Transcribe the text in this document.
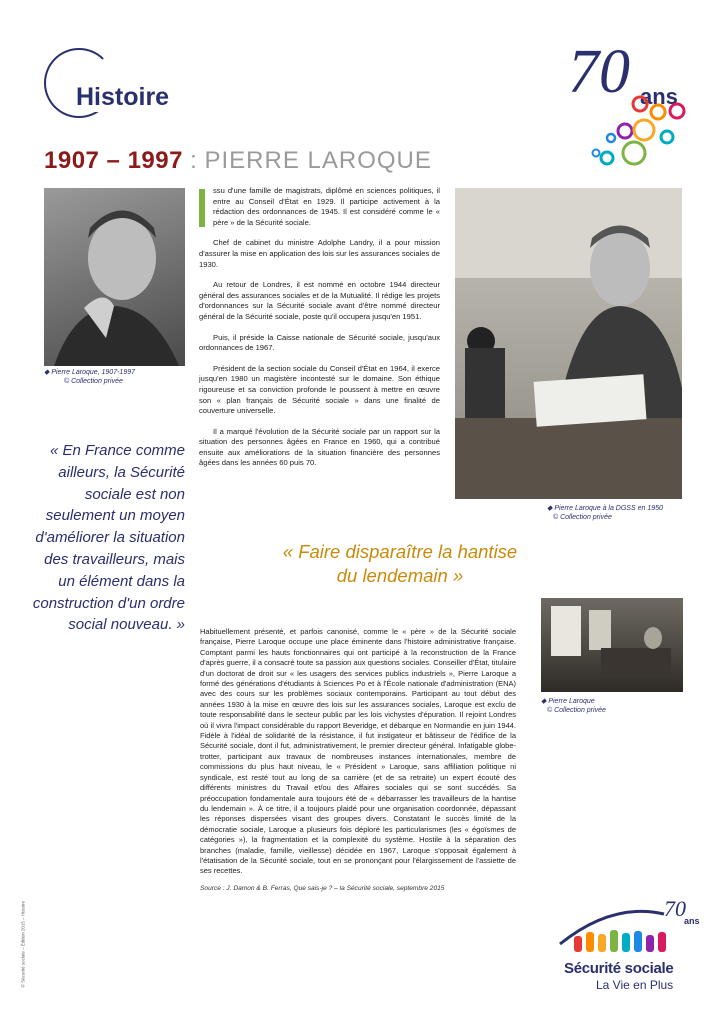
Histoire
1907 – 1997 : PIERRE LAROQUE
70 ans
◆ Pierre Laroque, 1907-1997
© Collection privée

ssu d'une famille de magistrats, diplômé en sciences politiques, il entre au Conseil d'État en 1929. Il participe activement à la rédaction des ordonnances de 1945. Il est considéré comme le « père » de la Sécurité sociale.

Chef de cabinet du ministre Adolphe Landry, il a pour mission d'assurer la mise en application des lois sur les assurances sociales de 1930.

Au retour de Londres, il est nommé en octobre 1944 directeur général des assurances sociales et de la Mutualité. Il rédige les projets d'ordonnances sur la Sécurité sociale avant d'être nommé directeur général de la Sécurité sociale, poste qu'il occupera jusqu'en 1951.

Puis, il préside la Caisse nationale de Sécurité sociale, jusqu'aux ordonnances de 1967.

Président de la section sociale du Conseil d'État en 1964, il exerce jusqu'en 1980 un magistère incontesté sur le domaine. Son éthique rigoureuse et sa conviction profonde le poussent à mettre en œuvre son « plan français de Sécurité sociale » dans une finalité de couverture universelle.

Il a marqué l'évolution de la Sécurité sociale par un rapport sur la situation des personnes âgées en France en 1960, qui a contribué ensuite aux améliorations de la situation financière des personnes âgées dans les années 60 puis 70.

◆ Pierre Laroque à la DGSS en 1950
© Collection privée
« En France comme ailleurs, la Sécurité sociale est non seulement un moyen d'améliorer la situation des travailleurs, mais un élément dans la construction d'un ordre social nouveau. »
« Faire disparaître la hantise du lendemain »
◆ Pierre Laroque
© Collection privée
Habituellement présenté, et parfois canonisé, comme le « père » de la Sécurité sociale française, Pierre Laroque occupe une place éminente dans l'histoire administrative française. Comptant parmi les hauts fonctionnaires qui ont participé à la reconstruction de la France d'après guerre, il a consacré toute sa passion aux questions sociales. Conseiller d'État, titulaire d'un doctorat de droit sur « les usagers des services publics industriels », Pierre Laroque a formé des générations d'étudiants à Sciences Po et à l'École nationale d'administration (ENA) avec des cours sur les problèmes sociaux contemporains. Participant au tout début des années 1930 à la mise en œuvre des lois sur les assurances sociales, Laroque est exclu de toute responsabilité dans le secteur public par les lois vichystes d'épuration. Il rejoint Londres où il vivra l'impact considérable du rapport Beveridge, et débarque en Normandie en juin 1944. Fidèle à l'idéal de solidarité de la résistance, il fut instigateur et bâtisseur de l'édifice de la Sécurité sociale, dont il fut, administrativement, le premier directeur général. Infatigable globe-trotter, participant aux travaux de nombreuses instances internationales, membre de commissions du plus haut niveau, le « Président » Laroque, sans affiliation politique ni syndicale, est resté tout au long de sa carrière (et de sa retraite) un expert écouté des différents ministres du Travail et/ou des Affaires sociales qui se sont succédés. Sa préoccupation fondamentale aura toujours été de « débarrasser les travailleurs de la hantise du lendemain ». À ce titre, il a toujours plaidé pour une organisation coordonnée, dépassant les réponses dispersées visant des groupes divers. Constatant le succès limité de la démocratie sociale, Laroque a plusieurs fois déploré les particularismes (les « égoïsmes de catégories »), la fragmentation et la complexité du système. Hostile à la séparation des branches (maladie, famille, vieillesse) décidée en 1967, Laroque s'opposait également à l'étatisation de la Sécurité sociale, tout en se prononçant pour l'élargissement de l'assiette de ses recettes.
Source : J. Damon & B. Ferras, Que sais-je ? – la Sécurité sociale, septembre 2015
© Sécurité sociale – Édition 2015 – Histoire	70
ans
Sécurité sociale
La Vie en Plus
